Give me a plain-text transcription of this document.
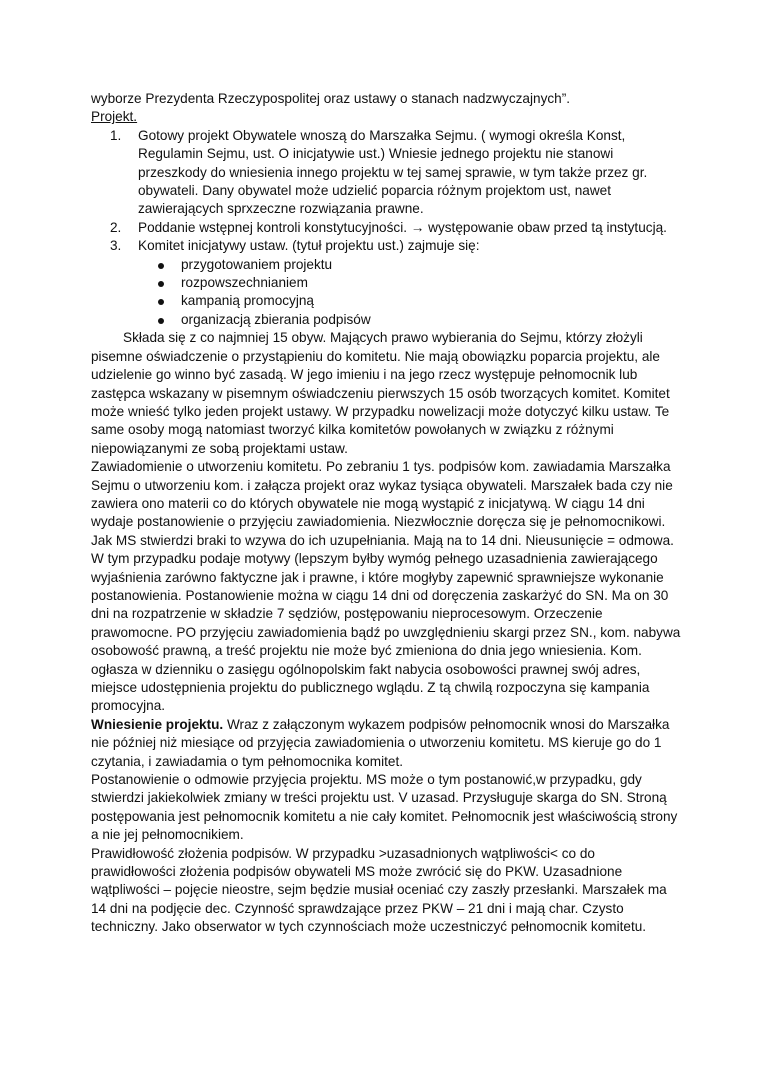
wyborze Prezydenta Rzeczypospolitej oraz ustawy o stanach nadzwyczajnych”.

Projekt.

1. Gotowy projekt Obywatele wnoszą do Marszałka Sejmu. ( wymogi określa Konst, Regulamin Sejmu, ust. O inicjatywie ust.) Wniesie jednego projektu nie stanowi przeszkody do wniesienia innego projektu w tej samej sprawie, w tym także przez gr. obywateli. Dany obywatel może udzielić poparcia różnym projektom ust, nawet zawierających sprxzeczne rozwiązania prawne.
2. Poddanie wstępnej kontroli konstytucyjności. → występowanie obaw przed tą instytucją.
3. Komitet inicjatywy ustaw. (tytuł projektu ust.) zajmuje się:
przygotowaniem projektu
rozpowszechnianiem
kampanią promocyjną
organizacją zbierania podpisów

Składa się z co najmniej 15 obyw. Mających prawo wybierania do Sejmu, którzy złożyli pisemne oświadczenie o przystąpieniu do komitetu. Nie mają obowiązku poparcia projektu, ale udzielenie go winno być zasadą. W jego imieniu i na jego rzecz występuje pełnomocnik lub zastępca wskazany w pisemnym oświadczeniu pierwszych 15 osób tworzących komitet. Komitet może wnieść tylko jeden projekt ustawy. W przypadku nowelizacji może dotyczyć kilku ustaw. Te same osoby mogą natomiast tworzyć kilka komitetów powołanych w związku z różnymi niepowiązanymi ze sobą projektami ustaw.

Zawiadomienie o utworzeniu komitetu. Po zebraniu 1 tys. podpisów kom. zawiadamia Marszałka Sejmu o utworzeniu kom. i załącza projekt oraz wykaz tysiąca obywateli. Marszałek bada czy nie zawiera ono materii co do których obywatele nie mogą wystąpić z inicjatywą. W ciągu 14 dni wydaje postanowienie o przyjęciu zawiadomienia. Niezwłocznie doręcza się je pełnomocnikowi. Jak MS stwierdzi braki to wzywa do ich uzupełniania. Mają na to 14 dni. Nieusunięcie = odmowa. W tym przypadku podaje motywy (lepszym byłby wymóg pełnego uzasadnienia zawierającego wyjaśnienia zarówno faktyczne jak i prawne, i które mogłyby zapewnić sprawniejsze wykonanie postanowienia. Postanowienie można w ciągu 14 dni od doręczenia zaskarżyć do SN. Ma on 30 dni na rozpatrzenie w składzie 7 sędziów, postępowaniu nieprocesowym. Orzeczenie prawomocne. PO przyjęciu zawiadomienia bądź po uwzględnieniu skargi przez SN., kom. nabywa osobowość prawną, a treść projektu nie może być zmieniona do dnia jego wniesienia. Kom. ogłasza w dzienniku o zasięgu ogólnopolskim fakt nabycia osobowości prawnej swój adres, miejsce udostępnienia projektu do publicznego wglądu. Z tą chwilą rozpoczyna się kampania promocyjna.

Wniesienie projektu. Wraz z załączonym wykazem podpisów pełnomocnik wnosi do Marszałka nie później niż miesiące od przyjęcia zawiadomienia o utworzeniu komitetu. MS kieruje go do 1 czytania, i zawiadamia o tym pełnomocnika komitet.

Postanowienie o odmowie przyjęcia projektu. MS może o tym postanowić,w przypadku, gdy stwierdzi jakiekolwiek zmiany w treści projektu ust. V uzasad. Przysługuje skarga do SN. Stroną postępowania jest pełnomocnik komitetu a nie cały komitet. Pełnomocnik jest właściwością strony a nie jej pełnomocnikiem.

Prawidłowość złożenia podpisów. W przypadku >uzasadnionych wątpliwości< co do prawidłowości złożenia podpisów obywateli MS może zwrócić się do PKW. Uzasadnione wątpliwości – pojęcie nieostre, sejm będzie musiał oceniać czy zaszły przesłanki. Marszałek ma 14 dni na podjęcie dec. Czynność sprawdzające przez PKW – 21 dni i mają char. Czysto techniczny. Jako obserwator w tych czynnościach może uczestniczyć pełnomocnik komitetu.
